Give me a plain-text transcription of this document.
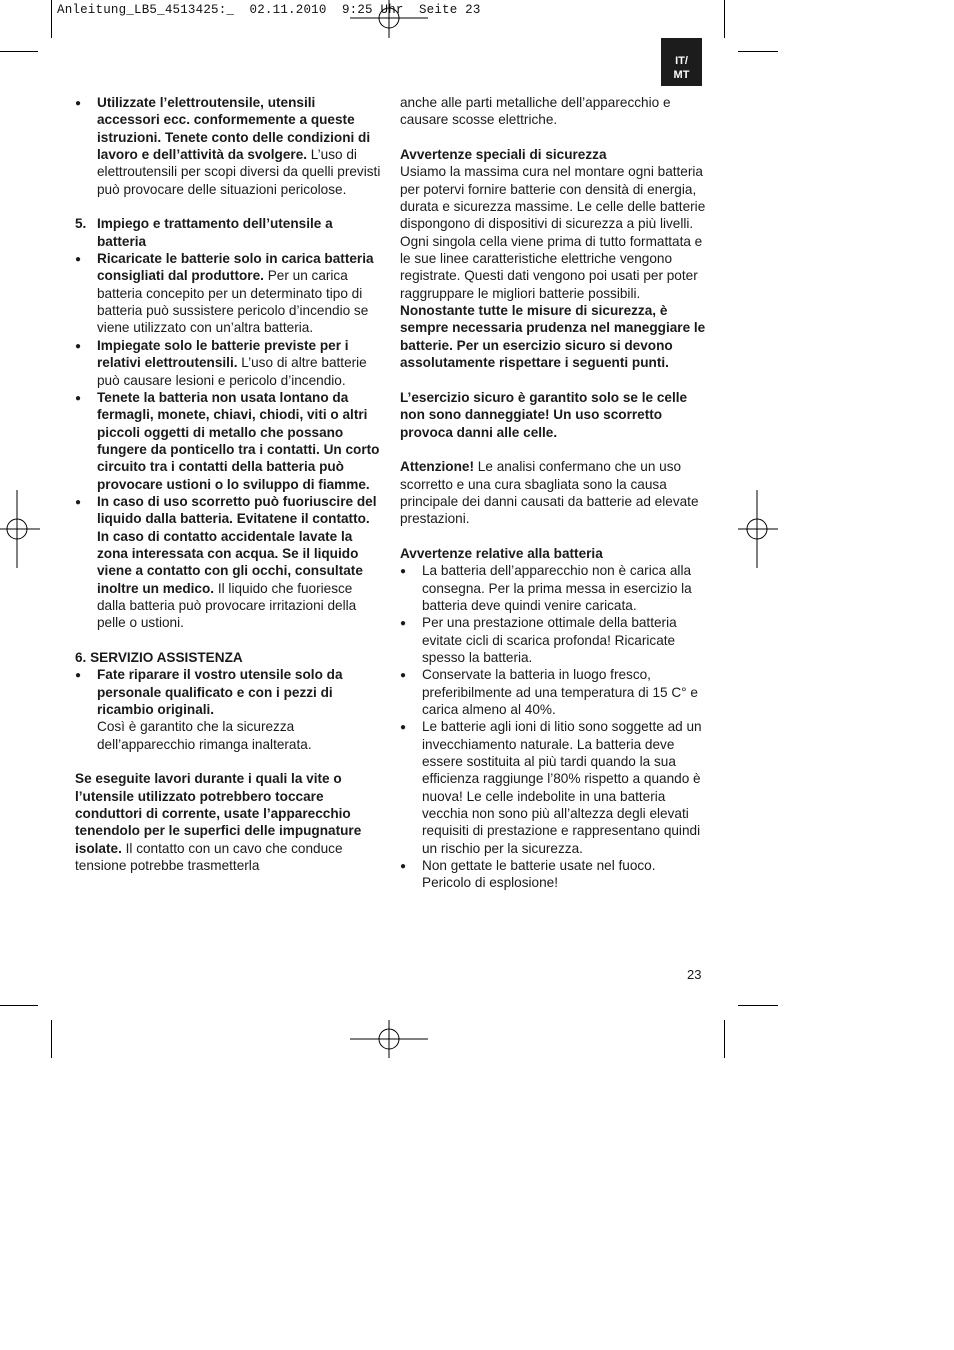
Anleitung_LB5_4513425:_  02.11.2010  9:25 Uhr  Seite 23
IT/
MT

● Utilizzate l’elettroutensile, utensili accessori ecc. conformemente a queste istruzioni. Tenete conto delle condizioni di lavoro e dell’attività da svolgere. L’uso di elettroutensili per scopi diversi da quelli previsti può provocare delle situazioni pericolose.

5. Impiego e trattamento dell’utensile a batteria

● Ricaricate le batterie solo in carica batteria consigliati dal produttore. Per un carica batteria concepito per un determinato tipo di batteria può sussistere pericolo d’incendio se viene utilizzato con un’altra batteria.

● Impiegate solo le batterie previste per i relativi elettroutensili. L’uso di altre batterie può causare lesioni e pericolo d’incendio.

● Tenete la batteria non usata lontano da fermagli, monete, chiavi, chiodi, viti o altri piccoli oggetti di metallo che possano fungere da ponticello tra i contatti. Un corto circuito tra i contatti della batteria può provocare ustioni o lo sviluppo di fiamme.

● In caso di uso scorretto può fuoriuscire del liquido dalla batteria. Evitatene il contatto. In caso di contatto accidentale lavate la zona interessata con acqua. Se il liquido viene a contatto con gli occhi, consultate inoltre un medico. Il liquido che fuoriesce dalla batteria può provocare irritazioni della pelle o ustioni.

6. SERVIZIO ASSISTENZA

● Fate riparare il vostro utensile solo da personale qualificato e con i pezzi di ricambio originali.

Così è garantito che la sicurezza dell’apparecchio rimanga inalterata.

Se eseguite lavori durante i quali la vite o l’utensile utilizzato potrebbero toccare conduttori di corrente, usate l’apparecchio tenendolo per le superfici delle impugnature isolate. Il contatto con un cavo che conduce tensione potrebbe trasmetterla

anche alle parti metalliche dell’apparecchio e causare scosse elettriche.

Avvertenze speciali di sicurezza

Usiamo la massima cura nel montare ogni batteria per potervi fornire batterie con densità di energia, durata e sicurezza massime. Le celle delle batterie dispongono di dispositivi di sicurezza a più livelli. Ogni singola cella viene prima di tutto formattata e le sue linee caratteristiche elettriche vengono registrate. Questi dati vengono poi usati per poter raggruppare le migliori batterie possibili. Nonostante tutte le misure di sicurezza, è sempre necessaria prudenza nel maneggiare le batterie. Per un esercizio sicuro si devono assolutamente rispettare i seguenti punti.

L’esercizio sicuro è garantito solo se le celle non sono danneggiate! Un uso scorretto provoca danni alle celle.

Attenzione! Le analisi confermano che un uso scorretto e una cura sbagliata sono la causa principale dei danni causati da batterie ad elevate prestazioni.

Avvertenze relative alla batteria

● La batteria dell’apparecchio non è carica alla consegna. Per la prima messa in esercizio la batteria deve quindi venire caricata.

● Per una prestazione ottimale della batteria evitate cicli di scarica profonda! Ricaricate spesso la batteria.

● Conservate la batteria in luogo fresco, preferibilmente ad una temperatura di 15 C° e carica almeno al 40%.

● Le batterie agli ioni di litio sono soggette ad un invecchiamento naturale. La batteria deve essere sostituita al più tardi quando la sua efficienza raggiunge l’80% rispetto a quando è nuova! Le celle indebolite in una batteria vecchia non sono più all’altezza degli elevati requisiti di prestazione e rappresentano quindi un rischio per la sicurezza.

● Non gettate le batterie usate nel fuoco. Pericolo di esplosione!

23
